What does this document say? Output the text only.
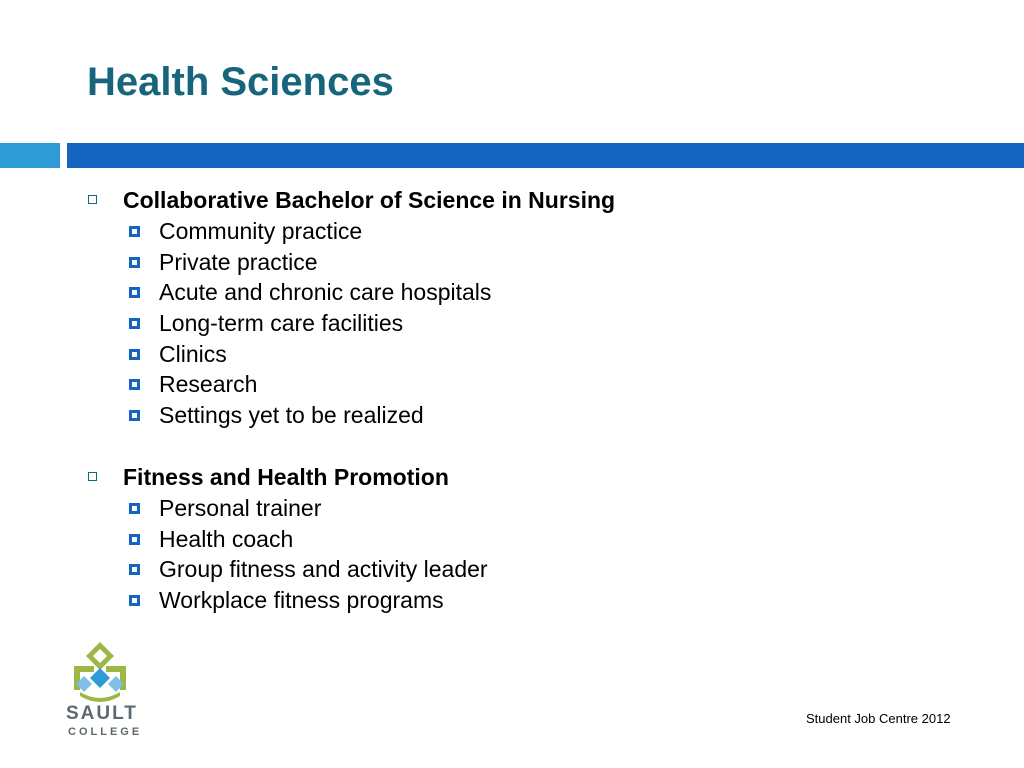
Health Sciences
Collaborative Bachelor of Science in Nursing
Community practice
Private practice
Acute and chronic care hospitals
Long-term care facilities
Clinics
Research
Settings yet to be realized
Fitness and Health Promotion
Personal trainer
Health coach
Group fitness and activity leader
Workplace fitness programs
SAULT
COLLEGE
Student Job Centre 2012
